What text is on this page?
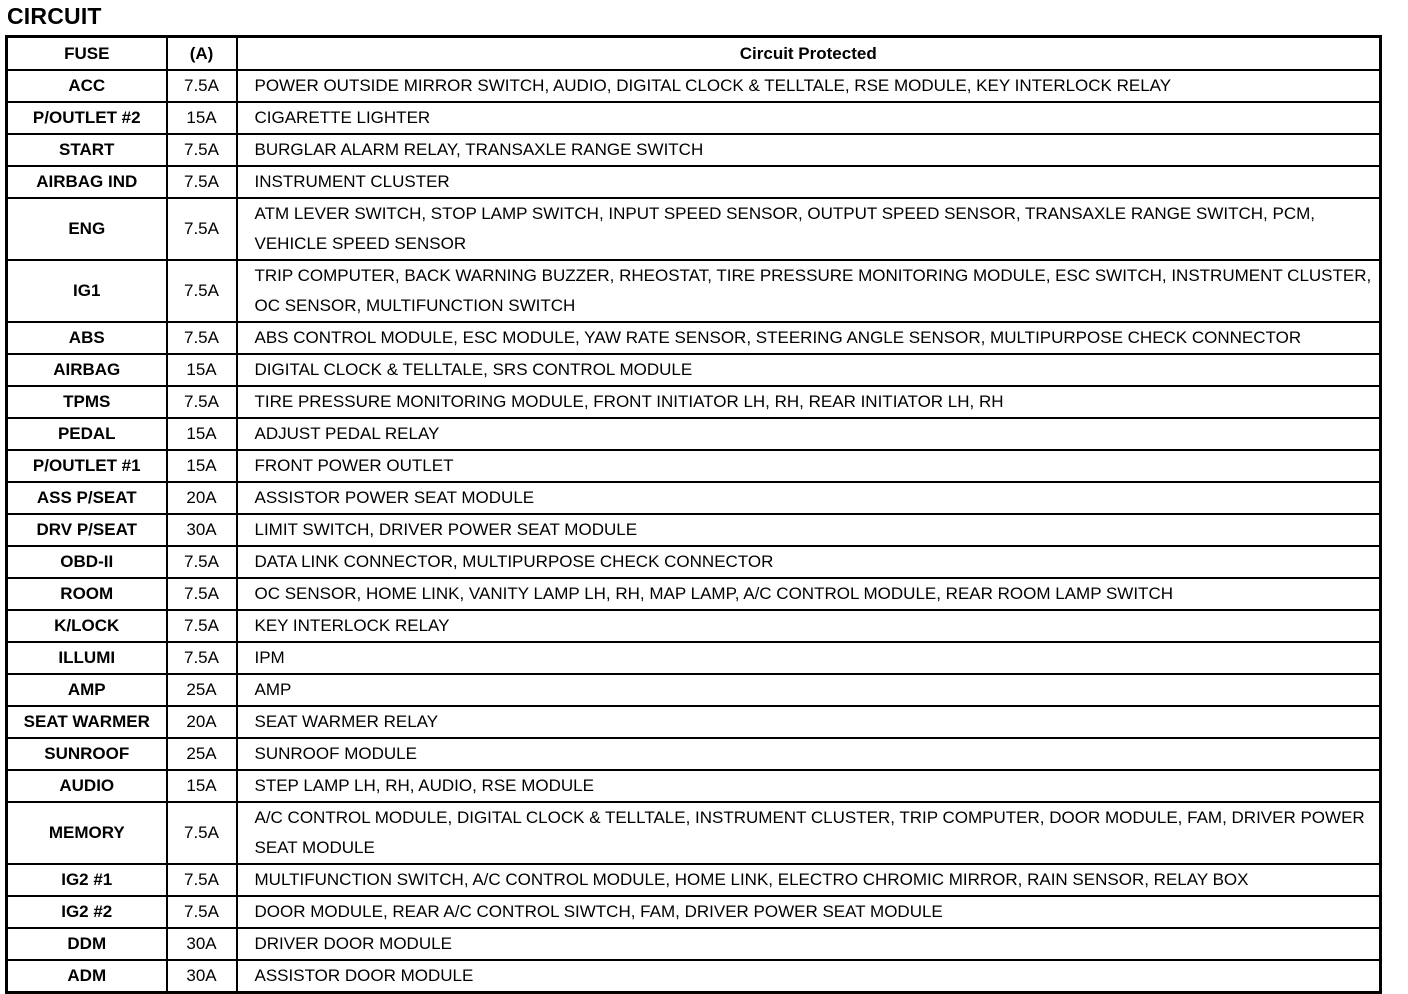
CIRCUIT
FUSE	(A)	Circuit Protected
ACC	7.5A	POWER OUTSIDE MIRROR SWITCH, AUDIO, DIGITAL CLOCK & TELLTALE, RSE MODULE, KEY INTERLOCK RELAY
P/OUTLET #2	15A	CIGARETTE LIGHTER
START	7.5A	BURGLAR ALARM RELAY, TRANSAXLE RANGE SWITCH
AIRBAG IND	7.5A	INSTRUMENT CLUSTER
ENG	7.5A	ATM LEVER SWITCH, STOP LAMP SWITCH, INPUT SPEED SENSOR, OUTPUT SPEED SENSOR, TRANSAXLE RANGE SWITCH, PCM, VEHICLE SPEED SENSOR
IG1	7.5A	TRIP COMPUTER, BACK WARNING BUZZER, RHEOSTAT, TIRE PRESSURE MONITORING MODULE, ESC SWITCH, INSTRUMENT CLUSTER, OC SENSOR, MULTIFUNCTION SWITCH
ABS	7.5A	ABS CONTROL MODULE, ESC MODULE, YAW RATE SENSOR, STEERING ANGLE SENSOR, MULTIPURPOSE CHECK CONNECTOR
AIRBAG	15A	DIGITAL CLOCK & TELLTALE, SRS CONTROL MODULE
TPMS	7.5A	TIRE PRESSURE MONITORING MODULE, FRONT INITIATOR LH, RH, REAR INITIATOR LH, RH
PEDAL	15A	ADJUST PEDAL RELAY
P/OUTLET #1	15A	FRONT POWER OUTLET
ASS P/SEAT	20A	ASSISTOR POWER SEAT MODULE
DRV P/SEAT	30A	LIMIT SWITCH, DRIVER POWER SEAT MODULE
OBD-II	7.5A	DATA LINK CONNECTOR, MULTIPURPOSE CHECK CONNECTOR
ROOM	7.5A	OC SENSOR, HOME LINK, VANITY LAMP LH, RH, MAP LAMP, A/C CONTROL MODULE, REAR ROOM LAMP SWITCH
K/LOCK	7.5A	KEY INTERLOCK RELAY
ILLUMI	7.5A	IPM
AMP	25A	AMP
SEAT WARMER	20A	SEAT WARMER RELAY
SUNROOF	25A	SUNROOF MODULE
AUDIO	15A	STEP LAMP LH, RH, AUDIO, RSE MODULE
MEMORY	7.5A	A/C CONTROL MODULE, DIGITAL CLOCK & TELLTALE, INSTRUMENT CLUSTER, TRIP COMPUTER, DOOR MODULE, FAM, DRIVER POWER SEAT MODULE
IG2 #1	7.5A	MULTIFUNCTION SWITCH, A/C CONTROL MODULE, HOME LINK, ELECTRO CHROMIC MIRROR, RAIN SENSOR, RELAY BOX
IG2 #2	7.5A	DOOR MODULE, REAR A/C CONTROL SIWTCH, FAM, DRIVER POWER SEAT MODULE
DDM	30A	DRIVER DOOR MODULE
ADM	30A	ASSISTOR DOOR MODULE
